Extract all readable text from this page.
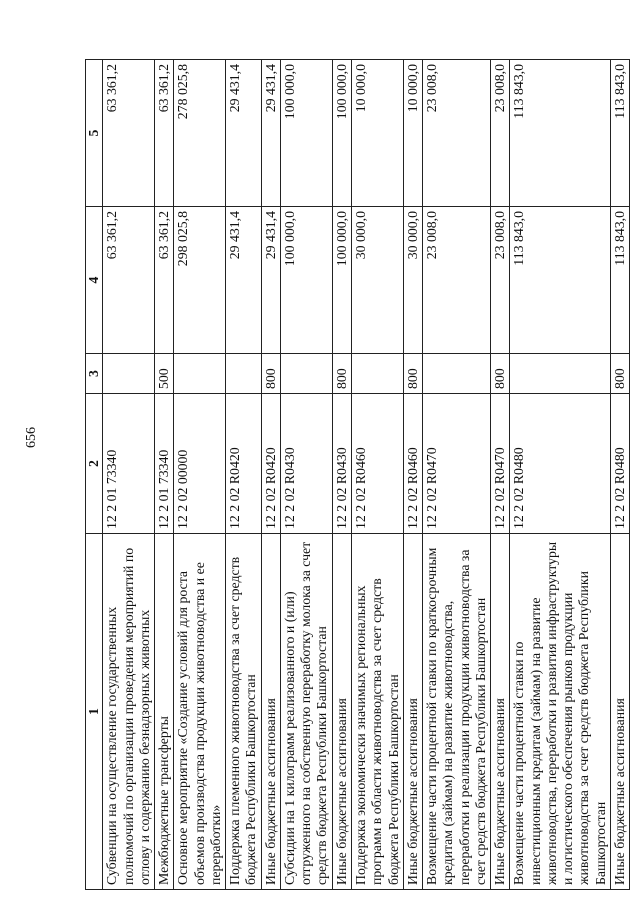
656
1	2	3	4	5
Субвенции на осуществление государственных полномочий по организации проведения мероприятий по отлову и содержанию безнадзорных животных	12 2 01 73340		63 361,2	63 361,2
Межбюджетные трансферты	12 2 01 73340	500	63 361,2	63 361,2
Основное мероприятие «Создание условий для роста объемов производства продукции животноводства и ее переработки»	12 2 02 00000		298 025,8	278 025,8
Поддержка племенного животноводства за счет средств бюджета Республики Башкортостан	12 2 02 R0420		29 431,4	29 431,4
Иные бюджетные ассигнования	12 2 02 R0420	800	29 431,4	29 431,4
Субсидии на 1 килограмм реализованного и (или) отгруженного на собственную переработку молока за счет средств бюджета Республики Башкортостан	12 2 02 R0430		100 000,0	100 000,0
Иные бюджетные ассигнования	12 2 02 R0430	800	100 000,0	100 000,0
Поддержка экономически значимых региональных программ в области животноводства за счет средств бюджета Республики Башкортостан	12 2 02 R0460		30 000,0	10 000,0
Иные бюджетные ассигнования	12 2 02 R0460	800	30 000,0	10 000,0
Возмещение части процентной ставки по краткосрочным кредитам (займам) на развитие животноводства, переработки и реализации продукции животноводства за счет средств бюджета Республики Башкортостан	12 2 02 R0470		23 008,0	23 008,0
Иные бюджетные ассигнования	12 2 02 R0470	800	23 008,0	23 008,0
Возмещение части процентной ставки по инвестиционным кредитам (займам) на развитие животноводства, переработки и развития инфраструктуры и логистического обеспечения рынков продукции животноводства за счет средств бюджета Республики Башкортостан	12 2 02 R0480		113 843,0	113 843,0
Иные бюджетные ассигнования	12 2 02 R0480	800	113 843,0	113 843,0
